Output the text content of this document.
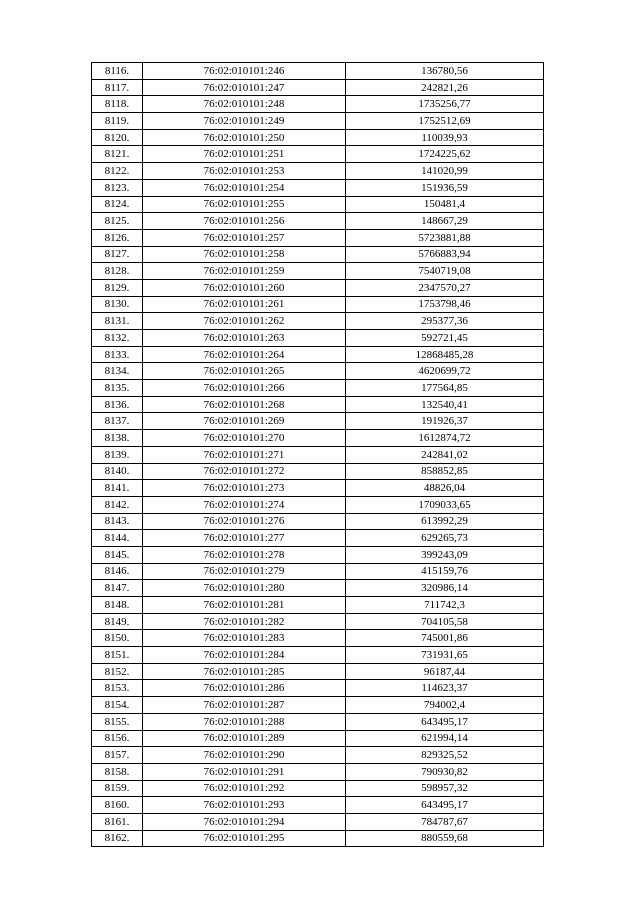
8116.	76:02:010101:246	136780,56
8117.	76:02:010101:247	242821,26
8118.	76:02:010101:248	1735256,77
8119.	76:02:010101:249	1752512,69
8120.	76:02:010101:250	110039,93
8121.	76:02:010101:251	1724225,62
8122.	76:02:010101:253	141020,99
8123.	76:02:010101:254	151936,59
8124.	76:02:010101:255	150481,4
8125.	76:02:010101:256	148667,29
8126.	76:02:010101:257	5723881,88
8127.	76:02:010101:258	5766883,94
8128.	76:02:010101:259	7540719,08
8129.	76:02:010101:260	2347570,27
8130.	76:02:010101:261	1753798,46
8131.	76:02:010101:262	295377,36
8132.	76:02:010101:263	592721,45
8133.	76:02:010101:264	12868485,28
8134.	76:02:010101:265	4620699,72
8135.	76:02:010101:266	177564,85
8136.	76:02:010101:268	132540,41
8137.	76:02:010101:269	191926,37
8138.	76:02:010101:270	1612874,72
8139.	76:02:010101:271	242841,02
8140.	76:02:010101:272	858852,85
8141.	76:02:010101:273	48826,04
8142.	76:02:010101:274	1709033,65
8143.	76:02:010101:276	613992,29
8144.	76:02:010101:277	629265,73
8145.	76:02:010101:278	399243,09
8146.	76:02:010101:279	415159,76
8147.	76:02:010101:280	320986,14
8148.	76:02:010101:281	711742,3
8149.	76:02:010101:282	704105,58
8150.	76:02:010101:283	745001,86
8151.	76:02:010101:284	731931,65
8152.	76:02:010101:285	96187,44
8153.	76:02:010101:286	114623,37
8154.	76:02:010101:287	794002,4
8155.	76:02:010101:288	643495,17
8156.	76:02:010101:289	621994,14
8157.	76:02:010101:290	829325,52
8158.	76:02:010101:291	790930,82
8159.	76:02:010101:292	598957,32
8160.	76:02:010101:293	643495,17
8161.	76:02:010101:294	784787,67
8162.	76:02:010101:295	880559,68
